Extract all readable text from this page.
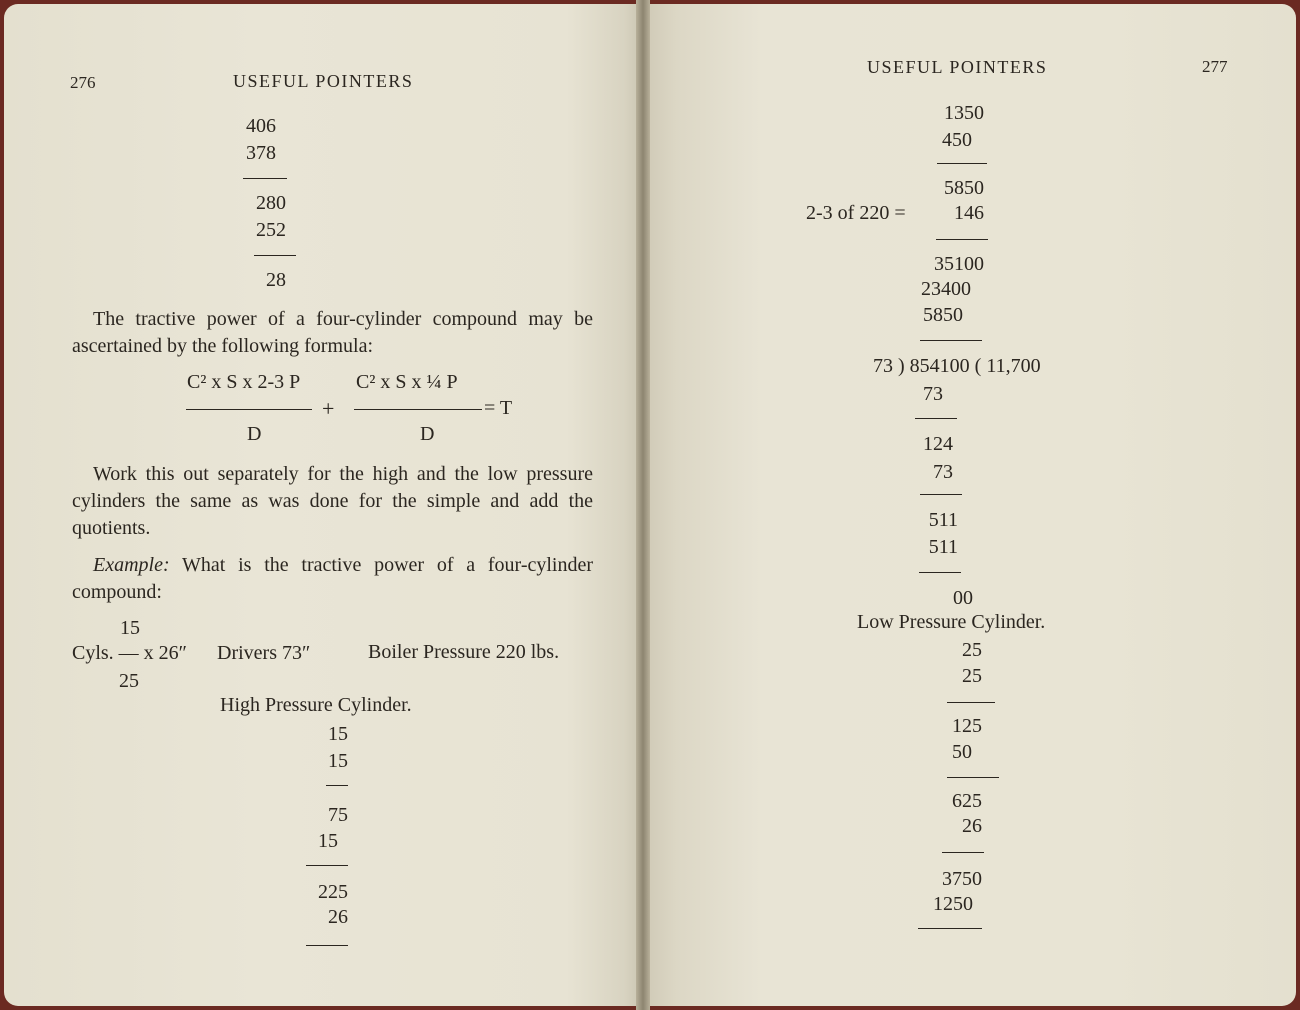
276	USEFUL POINTERS
406
378
280
252
28
The tractive power of a four-cylinder compound may be ascertained by the following formula:
C² x S x 2-3 P
D
+
C² x S x ¼ P
D
= T
Work this out separately for the high and the low pressure cylinders the same as was done for the simple and add the quotients.
Example: What is the tractive power of a four-cylinder compound:
15
Cyls. — x 26″
25
Drivers 73″	Boiler Pressure 220 lbs.
High Pressure Cylinder.
15
15
75
15
225
26
USEFUL POINTERS	277
1350
450
5850
2-3 of 220 =	146
35100
23400
5850
73 ) 854100 ( 11,700
73
124
73
511
511
00
Low Pressure Cylinder.
25
25
125
50
625
26
3750
1250
